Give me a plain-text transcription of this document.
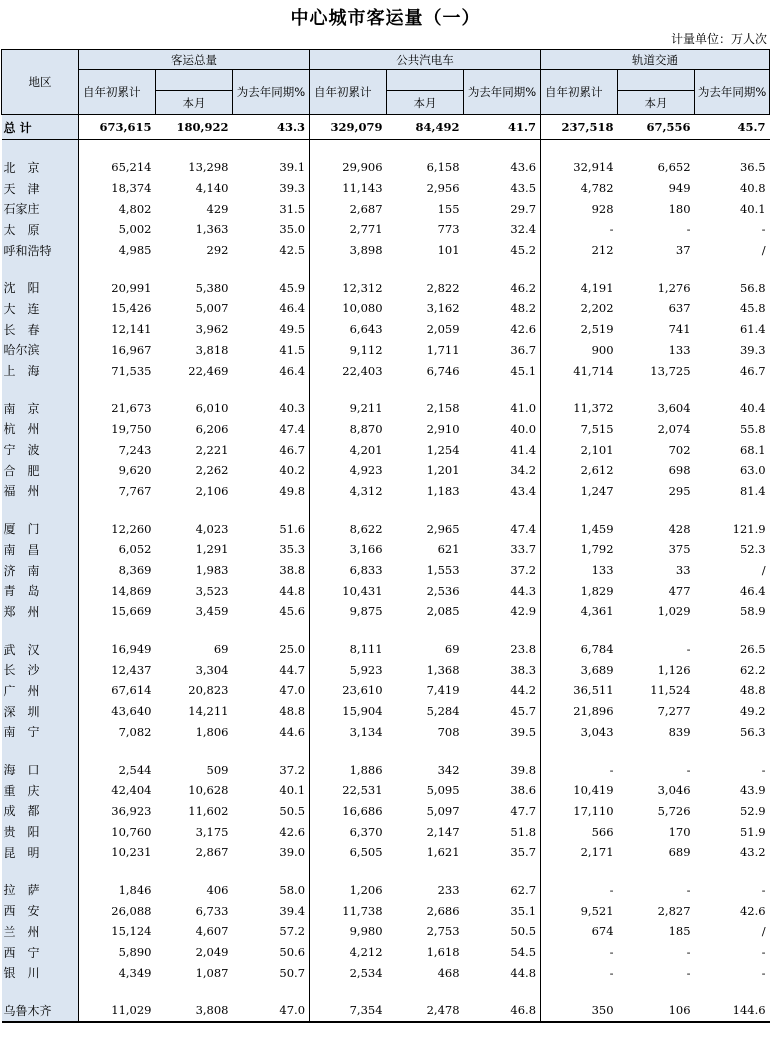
中心城市客运量（一）
计量单位：万人次
地区	客运总量			公共汽电车			轨道交通		
	自年初累计		为去年同期%	自年初累计		为去年同期%	自年初累计		为去年同期%
		本月			本月			本月	
总 计	673,615	180,922	43.3	329,079	84,492	41.7	237,518	67,556	45.7

北　京	65,214	13,298	39.1	29,906	6,158	43.6	32,914	6,652	36.5
天　津	18,374	4,140	39.3	11,143	2,956	43.5	4,782	949	40.8
石家庄	4,802	429	31.5	2,687	155	29.7	928	180	40.1
太　原	5,002	1,363	35.0	2,771	773	32.4	-	-	-
呼和浩特	4,985	292	42.5	3,898	101	45.2	212	37	/

沈　阳	20,991	5,380	45.9	12,312	2,822	46.2	4,191	1,276	56.8
大　连	15,426	5,007	46.4	10,080	3,162	48.2	2,202	637	45.8
长　春	12,141	3,962	49.5	6,643	2,059	42.6	2,519	741	61.4
哈尔滨	16,967	3,818	41.5	9,112	1,711	36.7	900	133	39.3
上　海	71,535	22,469	46.4	22,403	6,746	45.1	41,714	13,725	46.7

南　京	21,673	6,010	40.3	9,211	2,158	41.0	11,372	3,604	40.4
杭　州	19,750	6,206	47.4	8,870	2,910	40.0	7,515	2,074	55.8
宁　波	7,243	2,221	46.7	4,201	1,254	41.4	2,101	702	68.1
合　肥	9,620	2,262	40.2	4,923	1,201	34.2	2,612	698	63.0
福　州	7,767	2,106	49.8	4,312	1,183	43.4	1,247	295	81.4

厦　门	12,260	4,023	51.6	8,622	2,965	47.4	1,459	428	121.9
南　昌	6,052	1,291	35.3	3,166	621	33.7	1,792	375	52.3
济　南	8,369	1,983	38.8	6,833	1,553	37.2	133	33	/
青　岛	14,869	3,523	44.8	10,431	2,536	44.3	1,829	477	46.4
郑　州	15,669	3,459	45.6	9,875	2,085	42.9	4,361	1,029	58.9

武　汉	16,949	69	25.0	8,111	69	23.8	6,784	-	26.5
长　沙	12,437	3,304	44.7	5,923	1,368	38.3	3,689	1,126	62.2
广　州	67,614	20,823	47.0	23,610	7,419	44.2	36,511	11,524	48.8
深　圳	43,640	14,211	48.8	15,904	5,284	45.7	21,896	7,277	49.2
南　宁	7,082	1,806	44.6	3,134	708	39.5	3,043	839	56.3

海　口	2,544	509	37.2	1,886	342	39.8	-	-	-
重　庆	42,404	10,628	40.1	22,531	5,095	38.6	10,419	3,046	43.9
成　都	36,923	11,602	50.5	16,686	5,097	47.7	17,110	5,726	52.9
贵　阳	10,760	3,175	42.6	6,370	2,147	51.8	566	170	51.9
昆　明	10,231	2,867	39.0	6,505	1,621	35.7	2,171	689	43.2

拉　萨	1,846	406	58.0	1,206	233	62.7	-	-	-
西　安	26,088	6,733	39.4	11,738	2,686	35.1	9,521	2,827	42.6
兰　州	15,124	4,607	57.2	9,980	2,753	50.5	674	185	/
西　宁	5,890	2,049	50.6	4,212	1,618	54.5	-	-	-
银　川	4,349	1,087	50.7	2,534	468	44.8	-	-	-

乌鲁木齐	11,029	3,808	47.0	7,354	2,478	46.8	350	106	144.6
